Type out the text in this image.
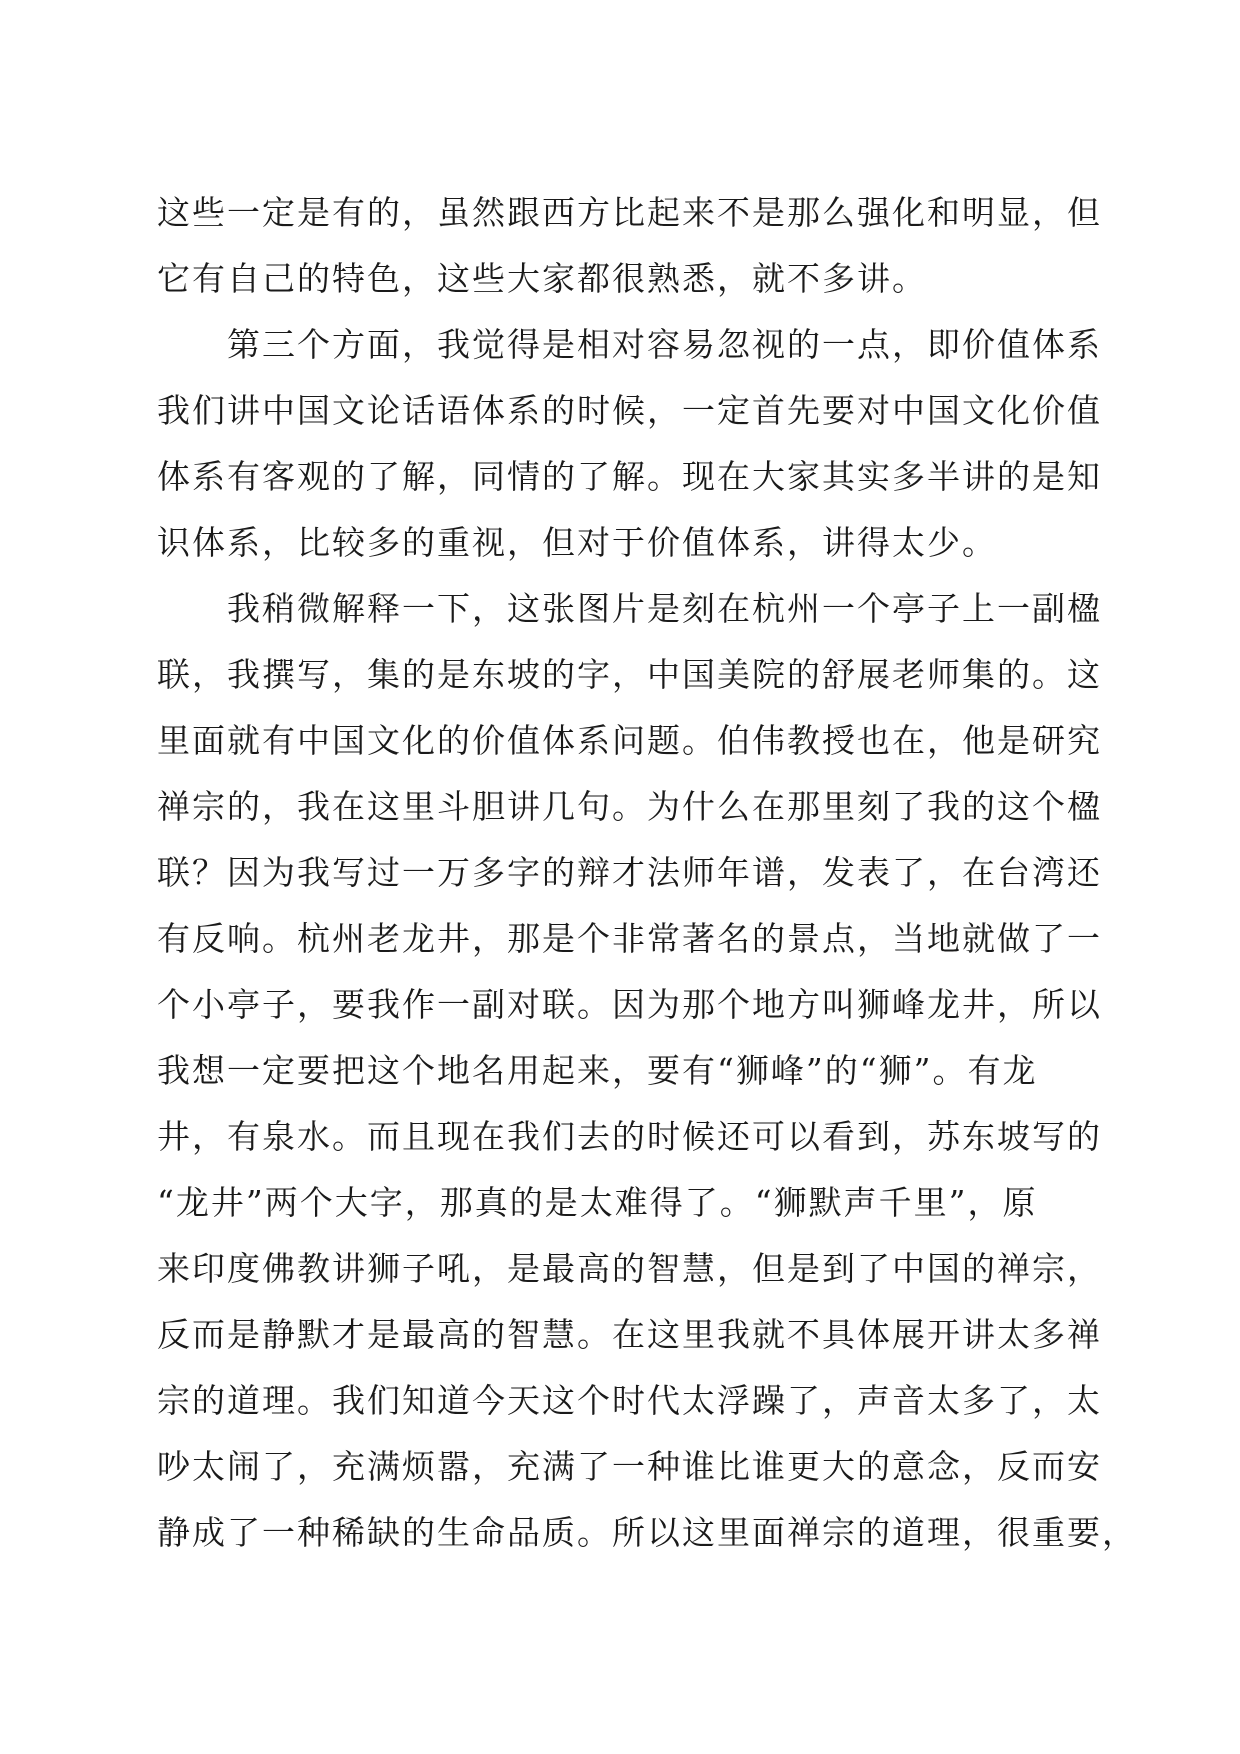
这些一定是有的，虽然跟西方比起来不是那么强化和明显，但
它有自己的特色，这些大家都很熟悉，就不多讲。
　　第三个方面，我觉得是相对容易忽视的一点，即价值体系
我们讲中国文论话语体系的时候，一定首先要对中国文化价值
体系有客观的了解，同情的了解。现在大家其实多半讲的是知
识体系，比较多的重视，但对于价值体系，讲得太少。
　　我稍微解释一下，这张图片是刻在杭州一个亭子上一副楹
联，我撰写，集的是东坡的字，中国美院的舒展老师集的。这
里面就有中国文化的价值体系问题。伯伟教授也在，他是研究
禅宗的，我在这里斗胆讲几句。为什么在那里刻了我的这个楹
联？因为我写过一万多字的辩才法师年谱，发表了，在台湾还
有反响。杭州老龙井，那是个非常著名的景点，当地就做了一
个小亭子，要我作一副对联。因为那个地方叫狮峰龙井，所以
我想一定要把这个地名用起来，要有“狮峰”的“狮”。有龙
井，有泉水。而且现在我们去的时候还可以看到，苏东坡写的
“龙井”两个大字，那真的是太难得了。“狮默声千里”，原
来印度佛教讲狮子吼，是最高的智慧，但是到了中国的禅宗，
反而是静默才是最高的智慧。在这里我就不具体展开讲太多禅
宗的道理。我们知道今天这个时代太浮躁了，声音太多了，太
吵太闹了，充满烦嚣，充满了一种谁比谁更大的意念，反而安
静成了一种稀缺的生命品质。所以这里面禅宗的道理，很重要，
